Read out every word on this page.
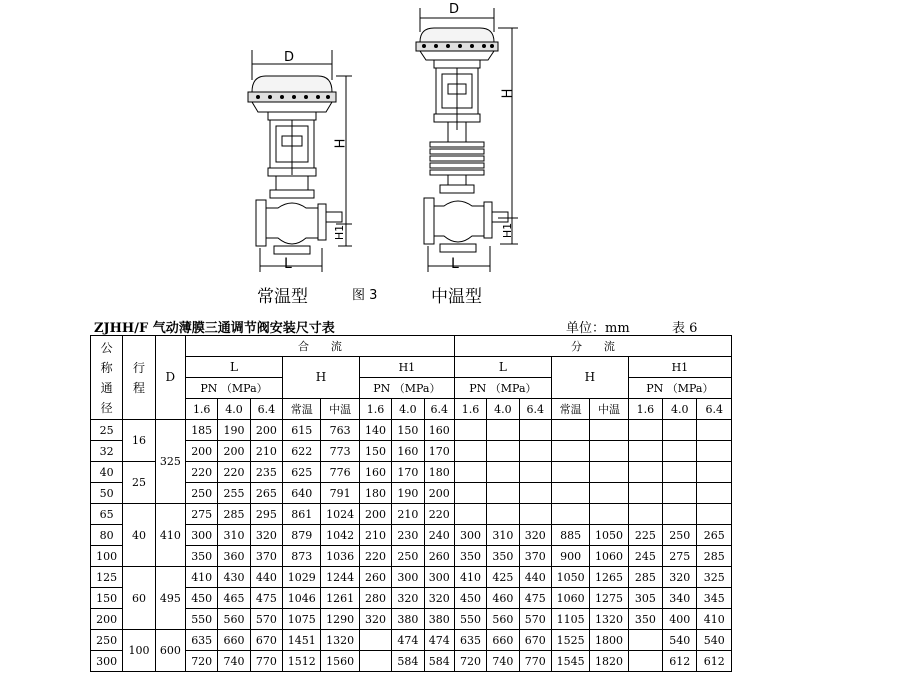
D
H
H1
L
D
H
H1
L
常温型	图 3	中温型
ZJHH/F 气动薄膜三通调节阀安装尺寸表	单位：mm	表 6
公
称
通
径	行
程	D	合　　流								分　　流							
			L			H		H1			L			H		H1		
			PN （MPa）					PN （MPa）			PN （MPa）					PN （MPa）		
			1.6	4.0	6.4	常温	中温	1.6	4.0	6.4	1.6	4.0	6.4	常温	中温	1.6	4.0	6.4
25	16	325	185	190	200	615	763	140	150	160								
32			200	200	210	622	773	150	160	170								
40	25		220	220	235	625	776	160	170	180								
50			250	255	265	640	791	180	190	200								
65	40	410	275	285	295	861	1024	200	210	220								
80			300	310	320	879	1042	210	230	240	300	310	320	885	1050	225	250	265
100			350	360	370	873	1036	220	250	260	350	350	370	900	1060	245	275	285
125	60	495	410	430	440	1029	1244	260	300	300	410	425	440	1050	1265	285	320	325
150			450	465	475	1046	1261	280	320	320	450	460	475	1060	1275	305	340	345
200			550	560	570	1075	1290	320	380	380	550	560	570	1105	1320	350	400	410
250	100	600	635	660	670	1451	1320		474	474	635	660	670	1525	1800		540	540
300			720	740	770	1512	1560		584	584	720	740	770	1545	1820		612	612
